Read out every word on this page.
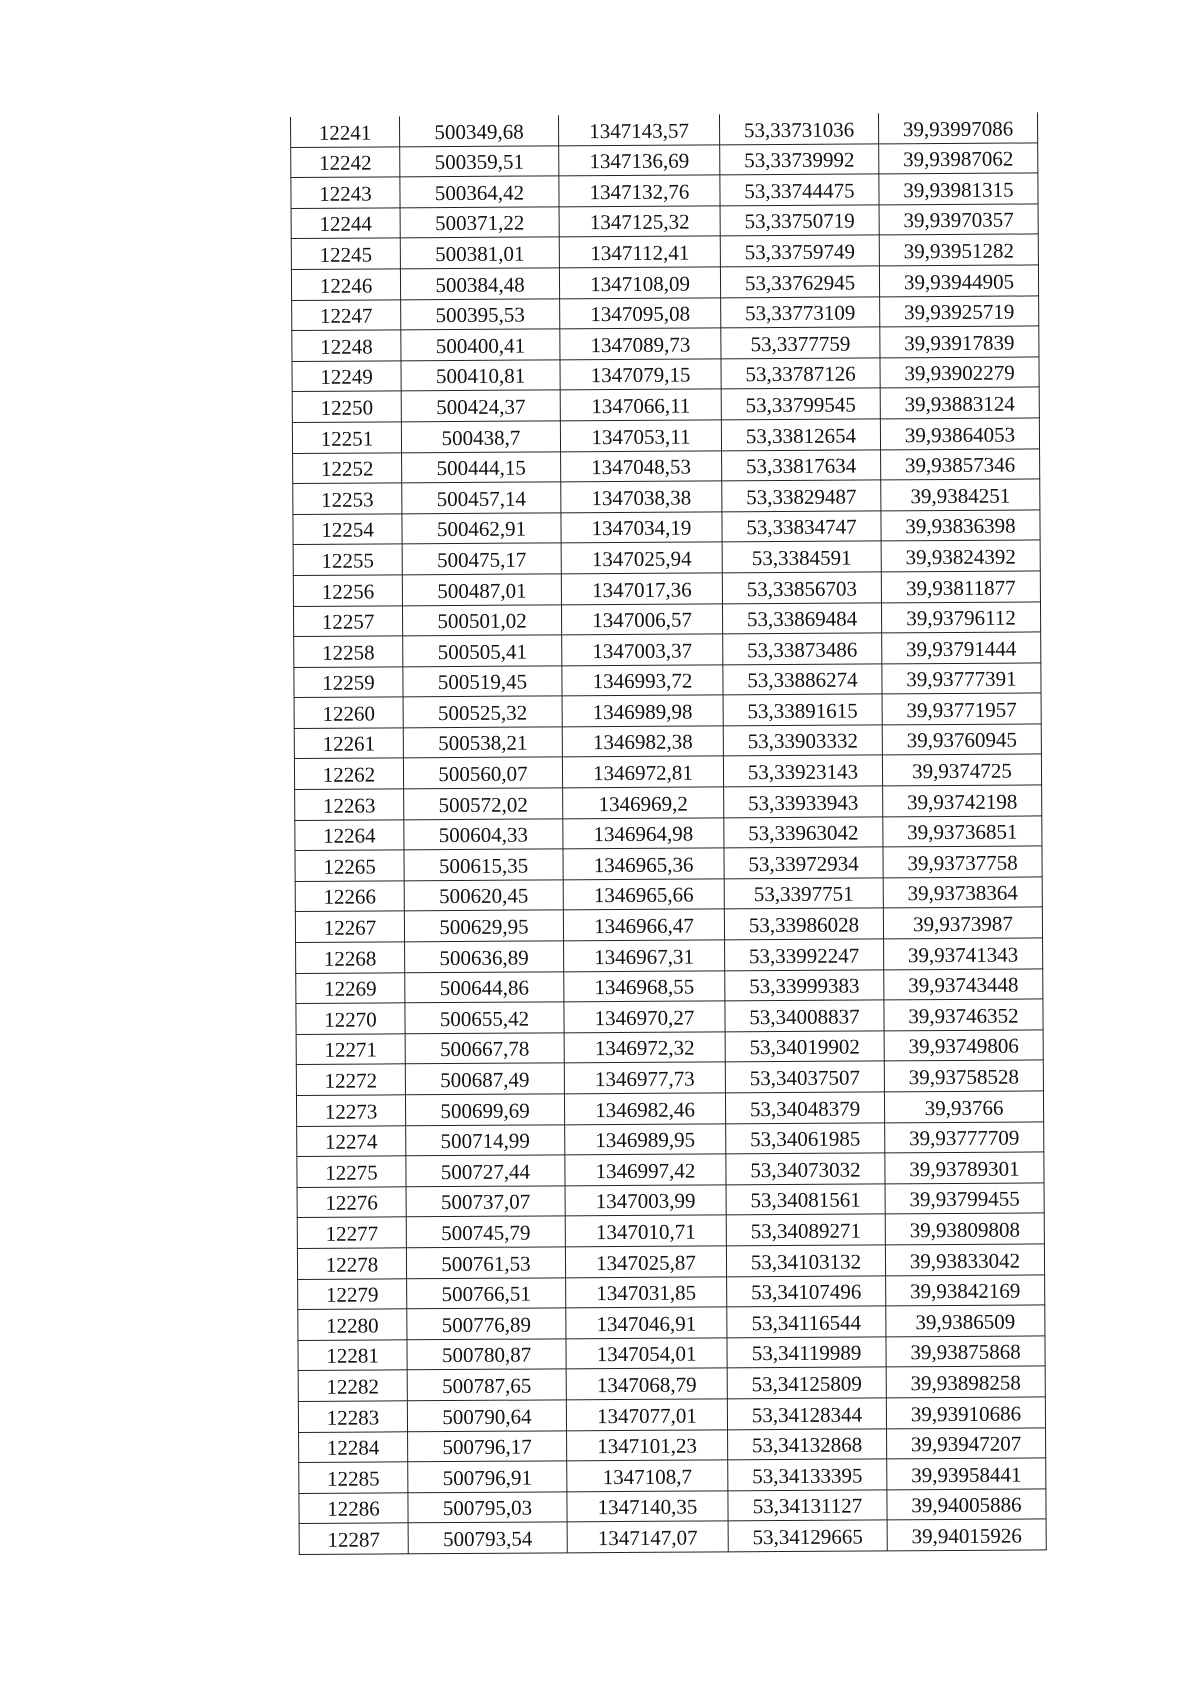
12241	500349,68	1347143,57	53,33731036	39,93997086
12242	500359,51	1347136,69	53,33739992	39,93987062
12243	500364,42	1347132,76	53,33744475	39,93981315
12244	500371,22	1347125,32	53,33750719	39,93970357
12245	500381,01	1347112,41	53,33759749	39,93951282
12246	500384,48	1347108,09	53,33762945	39,93944905
12247	500395,53	1347095,08	53,33773109	39,93925719
12248	500400,41	1347089,73	53,3377759	39,93917839
12249	500410,81	1347079,15	53,33787126	39,93902279
12250	500424,37	1347066,11	53,33799545	39,93883124
12251	500438,7	1347053,11	53,33812654	39,93864053
12252	500444,15	1347048,53	53,33817634	39,93857346
12253	500457,14	1347038,38	53,33829487	39,9384251
12254	500462,91	1347034,19	53,33834747	39,93836398
12255	500475,17	1347025,94	53,3384591	39,93824392
12256	500487,01	1347017,36	53,33856703	39,93811877
12257	500501,02	1347006,57	53,33869484	39,93796112
12258	500505,41	1347003,37	53,33873486	39,93791444
12259	500519,45	1346993,72	53,33886274	39,93777391
12260	500525,32	1346989,98	53,33891615	39,93771957
12261	500538,21	1346982,38	53,33903332	39,93760945
12262	500560,07	1346972,81	53,33923143	39,9374725
12263	500572,02	1346969,2	53,33933943	39,93742198
12264	500604,33	1346964,98	53,33963042	39,93736851
12265	500615,35	1346965,36	53,33972934	39,93737758
12266	500620,45	1346965,66	53,3397751	39,93738364
12267	500629,95	1346966,47	53,33986028	39,9373987
12268	500636,89	1346967,31	53,33992247	39,93741343
12269	500644,86	1346968,55	53,33999383	39,93743448
12270	500655,42	1346970,27	53,34008837	39,93746352
12271	500667,78	1346972,32	53,34019902	39,93749806
12272	500687,49	1346977,73	53,34037507	39,93758528
12273	500699,69	1346982,46	53,34048379	39,93766
12274	500714,99	1346989,95	53,34061985	39,93777709
12275	500727,44	1346997,42	53,34073032	39,93789301
12276	500737,07	1347003,99	53,34081561	39,93799455
12277	500745,79	1347010,71	53,34089271	39,93809808
12278	500761,53	1347025,87	53,34103132	39,93833042
12279	500766,51	1347031,85	53,34107496	39,93842169
12280	500776,89	1347046,91	53,34116544	39,9386509
12281	500780,87	1347054,01	53,34119989	39,93875868
12282	500787,65	1347068,79	53,34125809	39,93898258
12283	500790,64	1347077,01	53,34128344	39,93910686
12284	500796,17	1347101,23	53,34132868	39,93947207
12285	500796,91	1347108,7	53,34133395	39,93958441
12286	500795,03	1347140,35	53,34131127	39,94005886
12287	500793,54	1347147,07	53,34129665	39,94015926
